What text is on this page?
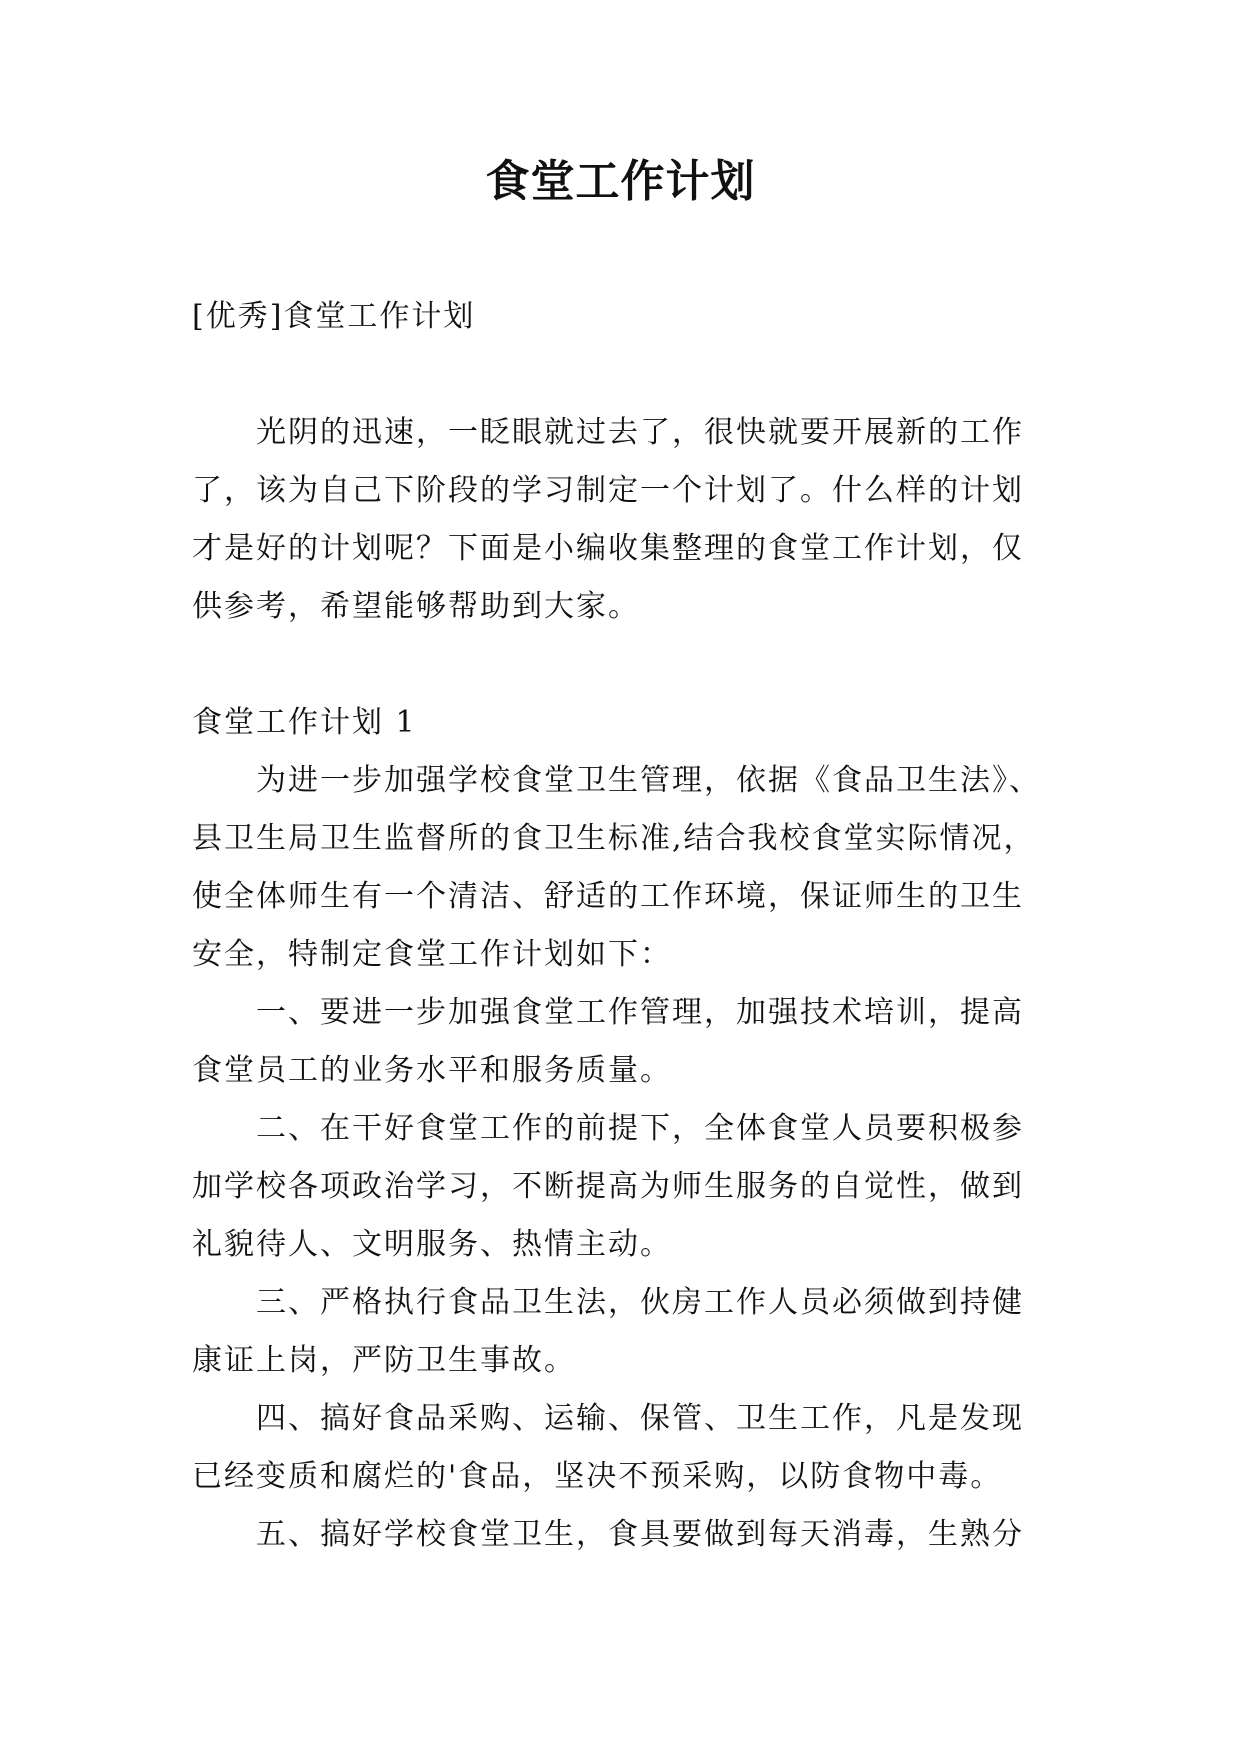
食堂工作计划

[优秀]食堂工作计划

光阴的迅速，一眨眼就过去了，很快就要开展新的工作了，该为自己下阶段的学习制定一个计划了。什么样的计划才是好的计划呢？下面是小编收集整理的食堂工作计划，仅供参考，希望能够帮助到大家。

食堂工作计划 1

为进一步加强学校食堂卫生管理，依据《食品卫生法》、县卫生局卫生监督所的食卫生标准,结合我校食堂实际情况，使全体师生有一个清洁、舒适的工作环境，保证师生的卫生安全，特制定食堂工作计划如下：

一、要进一步加强食堂工作管理，加强技术培训，提高食堂员工的业务水平和服务质量。

二、在干好食堂工作的前提下，全体食堂人员要积极参加学校各项政治学习，不断提高为师生服务的自觉性，做到礼貌待人、文明服务、热情主动。

三、严格执行食品卫生法，伙房工作人员必须做到持健康证上岗，严防卫生事故。

四、搞好食品采购、运输、保管、卫生工作，凡是发现已经变质和腐烂的'食品，坚决不预采购，以防食物中毒。

五、搞好学校食堂卫生，食具要做到每天消毒，生熟分
